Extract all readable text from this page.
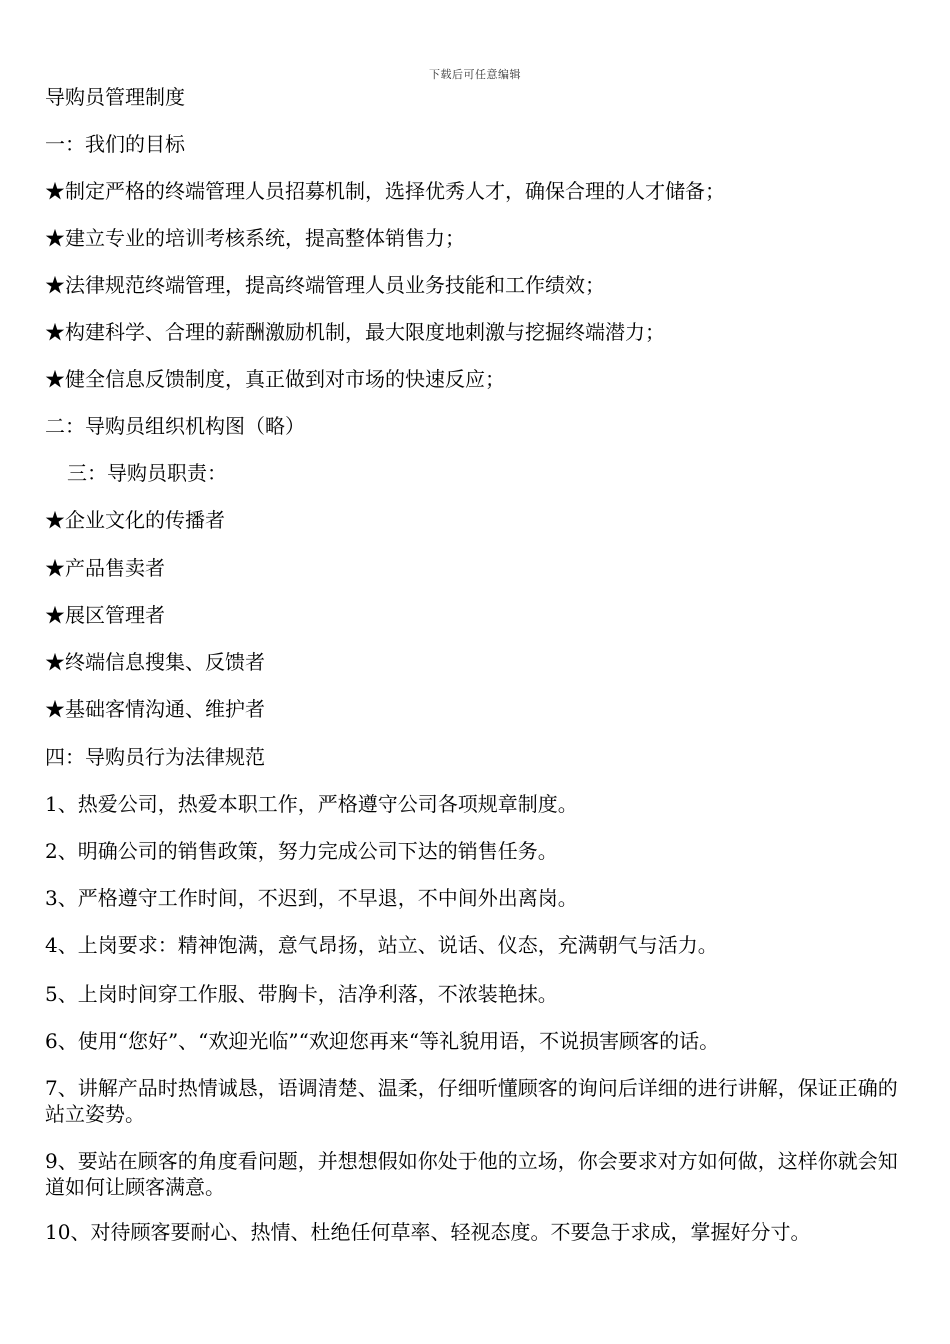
下载后可任意编辑
导购员管理制度
一：我们的目标
★制定严格的终端管理人员招募机制，选择优秀人才，确保合理的人才储备；
★建立专业的培训考核系统，提高整体销售力；
★法律规范终端管理，提高终端管理人员业务技能和工作绩效；
★构建科学、合理的薪酬激励机制，最大限度地刺激与挖掘终端潜力；
★健全信息反馈制度，真正做到对市场的快速反应；
二：导购员组织机构图（略）
三：导购员职责：
★企业文化的传播者
★产品售卖者
★展区管理者
★终端信息搜集、反馈者
★基础客情沟通、维护者
四：导购员行为法律规范
1、热爱公司，热爱本职工作，严格遵守公司各项规章制度。
2、明确公司的销售政策，努力完成公司下达的销售任务。
3、严格遵守工作时间，不迟到，不早退，不中间外出离岗。
4、上岗要求：精神饱满，意气昂扬，站立、说话、仪态，充满朝气与活力。
5、上岗时间穿工作服、带胸卡，洁净利落，不浓装艳抹。
6、使用“您好”、“欢迎光临”“欢迎您再来“等礼貌用语，不说损害顾客的话。
7、讲解产品时热情诚恳，语调清楚、温柔，仔细听懂顾客的询问后详细的进行讲解，保证正确的站立姿势。
9、要站在顾客的角度看问题，并想想假如你处于他的立场，你会要求对方如何做，这样你就会知道如何让顾客满意。
10、对待顾客要耐心、热情、杜绝任何草率、轻视态度。不要急于求成，掌握好分寸。
